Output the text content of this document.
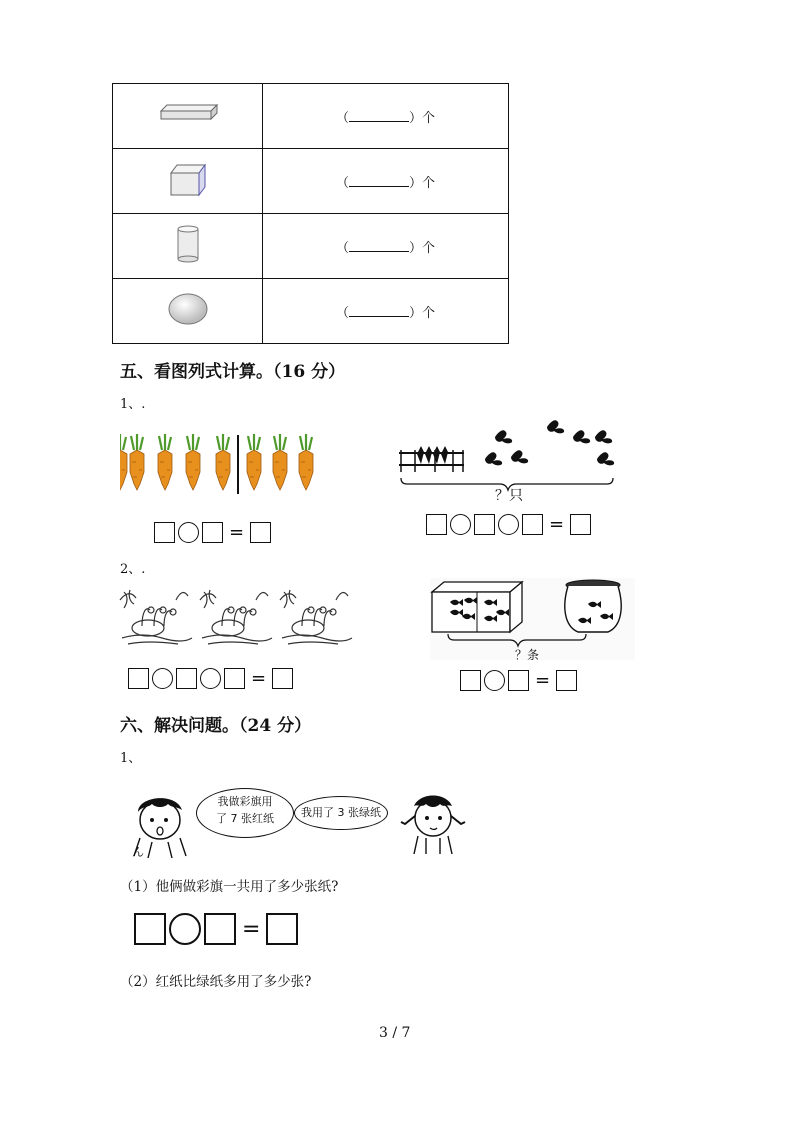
	（ ）个
	（ ）个
	（ ）个
	（ ）个
五、看图列式计算。（16 分）
1、.
=
？只
=
2、.
=
？条
=
六、解决问题。（24 分）
1、
ん
我做彩旗用
了 7 张红纸	我用了 3 张绿纸
（1）他俩做彩旗一共用了多少张纸?
=
（2）红纸比绿纸多用了多少张?
3 / 7
